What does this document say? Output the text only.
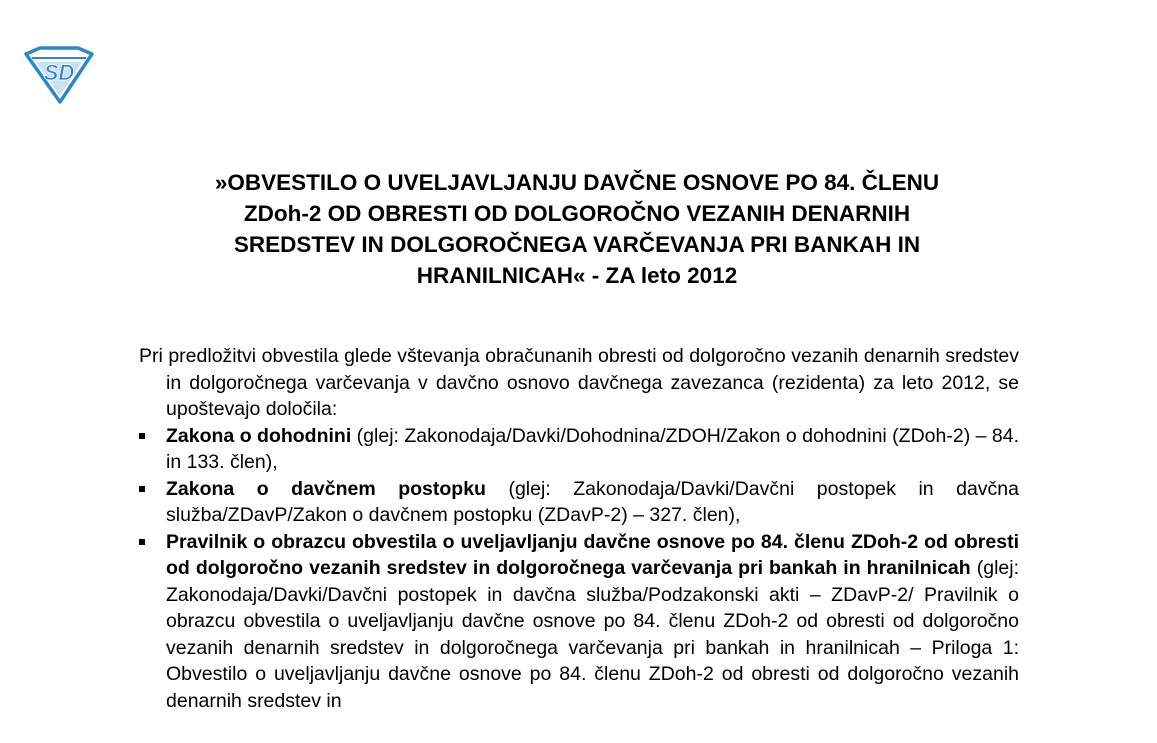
SD
»OBVESTILO O UVELJAVLJANJU DAVČNE OSNOVE PO 84. ČLENU
ZDoh-2 OD OBRESTI OD DOLGOROČNO VEZANIH DENARNIH
SREDSTEV IN DOLGOROČNEGA VARČEVANJA PRI BANKAH IN
HRANILNICAH« - ZA leto 2012

Pri predložitvi obvestila glede vštevanja obračunanih obresti od dolgoročno vezanih denarnih sredstev in dolgoročnega varčevanja v davčno osnovo davčnega zavezanca (rezidenta) za leto 2012, se upoštevajo določila:

Zakona o dohodnini (glej: Zakonodaja/Davki/Dohodnina/ZDOH/Zakon o dohodnini (ZDoh-2) – 84. in 133. člen),
Zakona o davčnem postopku (glej: Zakonodaja/Davki/Davčni postopek in davčna služba/ZDavP/Zakon o davčnem postopku (ZDavP-2) – 327. člen),
Pravilnik o obrazcu obvestila o uveljavljanju davčne osnove po 84. členu ZDoh-2 od obresti od dolgoročno vezanih sredstev in dolgoročnega varčevanja pri bankah in hranilnicah (glej: Zakonodaja/Davki/Davčni postopek in davčna služba/Podzakonski akti – ZDavP-2/ Pravilnik o obrazcu obvestila o uveljavljanju davčne osnove po 84. členu ZDoh-2 od obresti od dolgoročno vezanih denarnih sredstev in dolgoročnega varčevanja pri bankah in hranilnicah – Priloga 1: Obvestilo o uveljavljanju davčne osnove po 84. členu ZDoh-2 od obresti od dolgoročno vezanih denarnih sredstev in
